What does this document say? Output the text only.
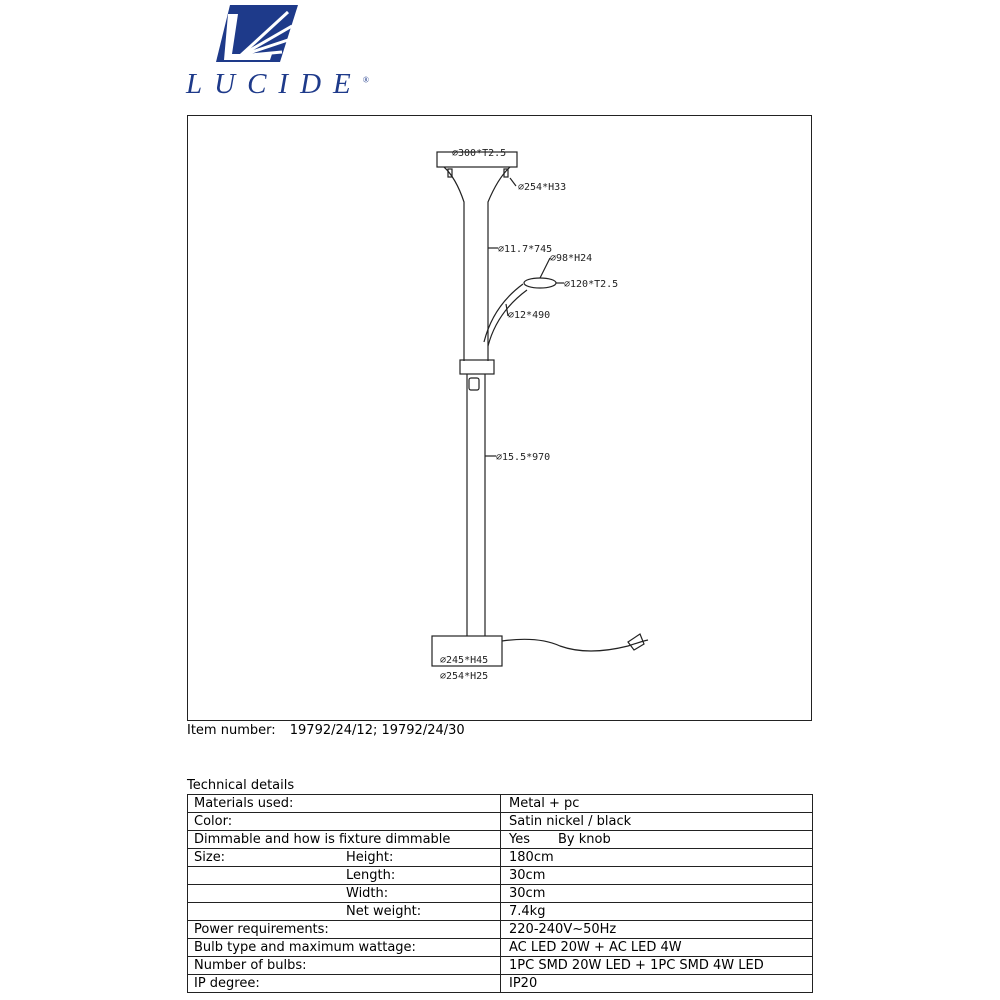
LUCIDE®
⌀300*T2.5
⌀254*H33
⌀11.7*745
⌀98*H24
⌀120*T2.5
⌀12*490
⌀15.5*970
⌀245*H45
⌀254*H25
Item number: 19792/24/12; 19792/24/30
Technical details
Materials used:	Metal + pc
Color:	Satin nickel / black
Dimmable and how is fixture dimmable	Yes By knob
Size: Height:	180cm

Length:	30cm

Width:	30cm

Net weight:	7.4kg
Power requirements:	220-240V~50Hz
Bulb type and maximum wattage:	AC LED 20W + AC LED 4W
Number of bulbs:	1PC SMD 20W LED + 1PC SMD 4W LED
IP degree:	IP20
